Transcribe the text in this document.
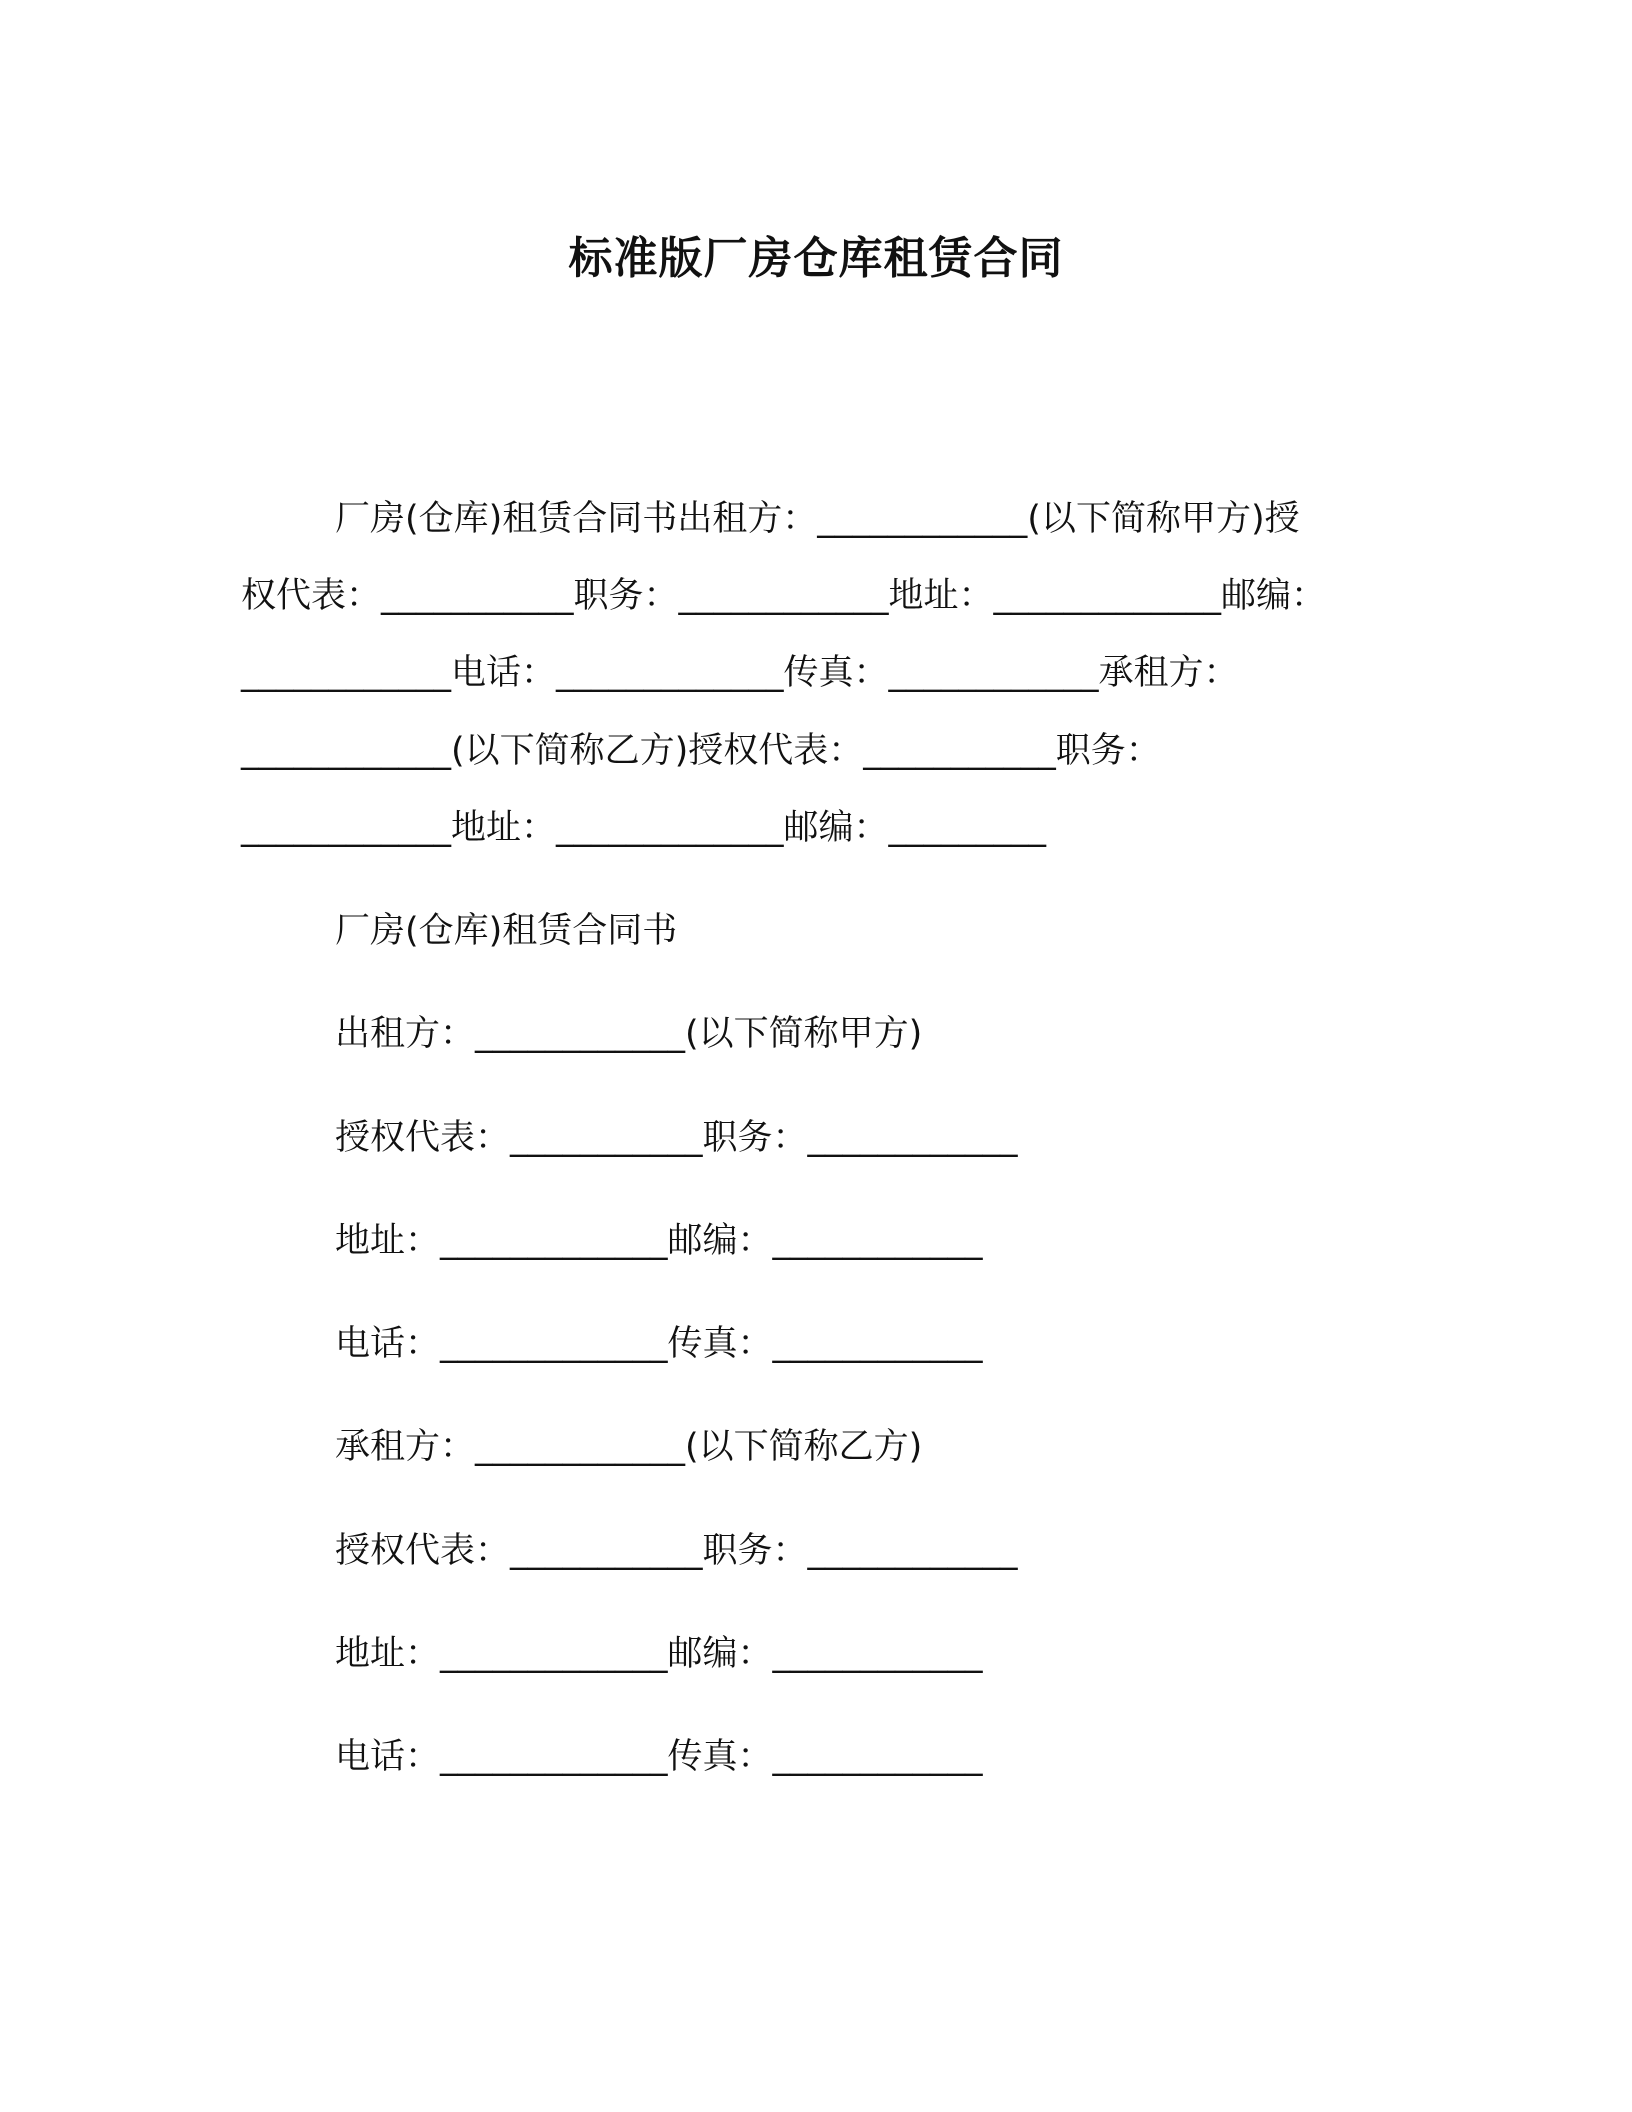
标准版厂房仓库租赁合同
厂房(仓库)租赁合同书出租方：____________(以下简称甲方)授
权代表：___________职务：____________地址：_____________邮编：
____________电话：_____________传真：____________承租方：
____________(以下简称乙方)授权代表：___________职务：
____________地址：_____________邮编：_________
厂房(仓库)租赁合同书
出租方：____________(以下简称甲方)
授权代表：___________职务：____________
地址：_____________邮编：____________
电话：_____________传真：____________
承租方：____________(以下简称乙方)
授权代表：___________职务：____________
地址：_____________邮编：____________
电话：_____________传真：____________
